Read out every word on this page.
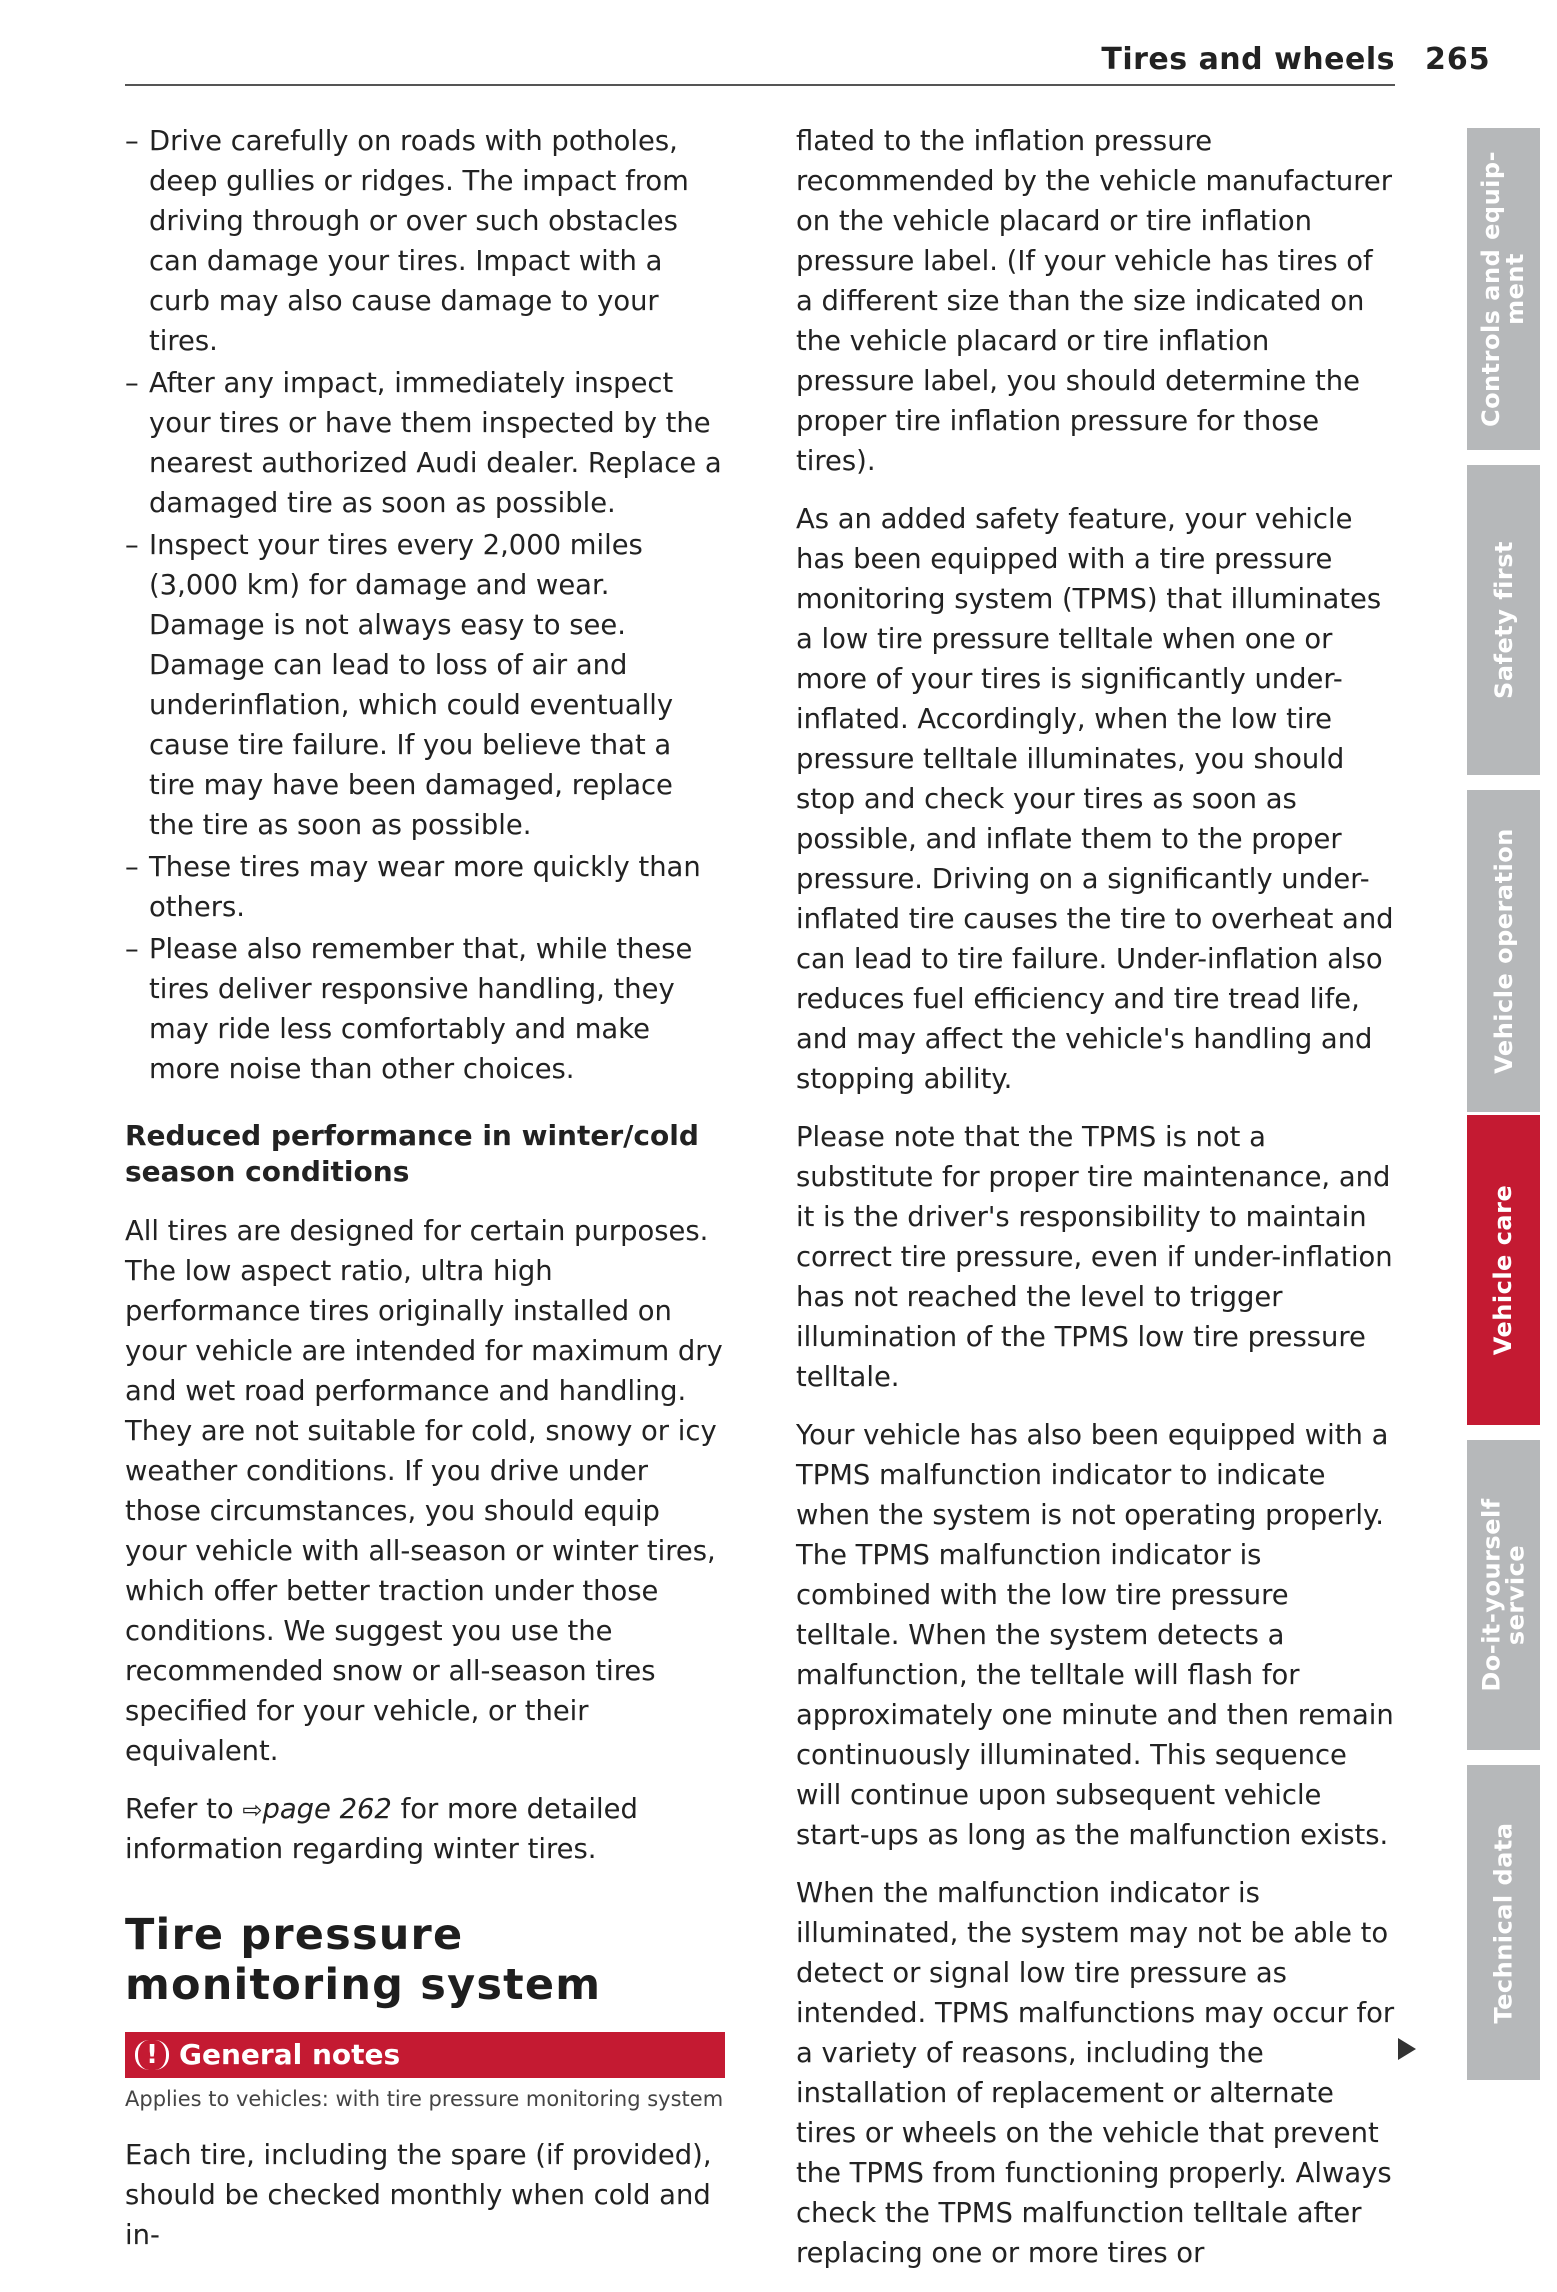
Tires and wheels 265
– Drive carefully on roads with potholes, deep gullies or ridges. The impact from driving through or over such obstacles can damage your tires. Impact with a curb may also cause damage to your tires.
– After any impact, immediately inspect your tires or have them inspected by the nearest authorized Audi dealer. Replace a damaged tire as soon as possible.
– Inspect your tires every 2,000 miles (3,000 km) for damage and wear. Damage is not always easy to see. Damage can lead to loss of air and underinflation, which could eventually cause tire failure. If you believe that a tire may have been damaged, replace the tire as soon as possible.
– These tires may wear more quickly than others.
– Please also remember that, while these tires deliver responsive handling, they may ride less comfortably and make more noise than other choices.
Reduced performance in winter/cold season conditions

All tires are designed for certain purposes. The low aspect ratio, ultra high performance tires originally installed on your vehicle are intended for maximum dry and wet road performance and handling. They are not suitable for cold, snowy or icy weather conditions. If you drive under those circumstances, you should equip your vehicle with all-season or winter tires, which offer better traction under those conditions. We suggest you use the recommended snow or all-season tires specified for your vehicle, or their equivalent.

Refer to ⇨page 262 for more detailed information regarding winter tires.

Tire pressure monitoring system
! General notes
Applies to vehicles: with tire pressure monitoring system

Each tire, including the spare (if provided), should be checked monthly when cold and in-

flated to the inflation pressure recommended by the vehicle manufacturer on the vehicle placard or tire inflation pressure label. (If your vehicle has tires of a different size than the size indicated on the vehicle placard or tire inflation pressure label, you should determine the proper tire inflation pressure for those tires).

As an added safety feature, your vehicle has been equipped with a tire pressure monitoring system (TPMS) that illuminates a low tire pressure telltale when one or more of your tires is significantly under-inflated. Accordingly, when the low tire pressure telltale illuminates, you should stop and check your tires as soon as possible, and inflate them to the proper pressure. Driving on a significantly under-inflated tire causes the tire to overheat and can lead to tire failure. Under-inflation also reduces fuel efficiency and tire tread life, and may affect the vehicle's handling and stopping ability.

Please note that the TPMS is not a substitute for proper tire maintenance, and it is the driver's responsibility to maintain correct tire pressure, even if under-inflation has not reached the level to trigger illumination of the TPMS low tire pressure telltale.

Your vehicle has also been equipped with a TPMS malfunction indicator to indicate when the system is not operating properly. The TPMS malfunction indicator is combined with the low tire pressure telltale. When the system detects a malfunction, the telltale will flash for approximately one minute and then remain continuously illuminated. This sequence will continue upon subsequent vehicle start-ups as long as the malfunction exists.

When the malfunction indicator is illuminated, the system may not be able to detect or signal low tire pressure as intended. TPMS malfunctions may occur for a variety of reasons, including the installation of replacement or alternate tires or wheels on the vehicle that prevent the TPMS from functioning properly. Always check the TPMS malfunction telltale after replacing one or more tires or

Controls and equip-
ment
Safety first
Vehicle operation
Vehicle care
Do-it-yourself
service
Technical data
